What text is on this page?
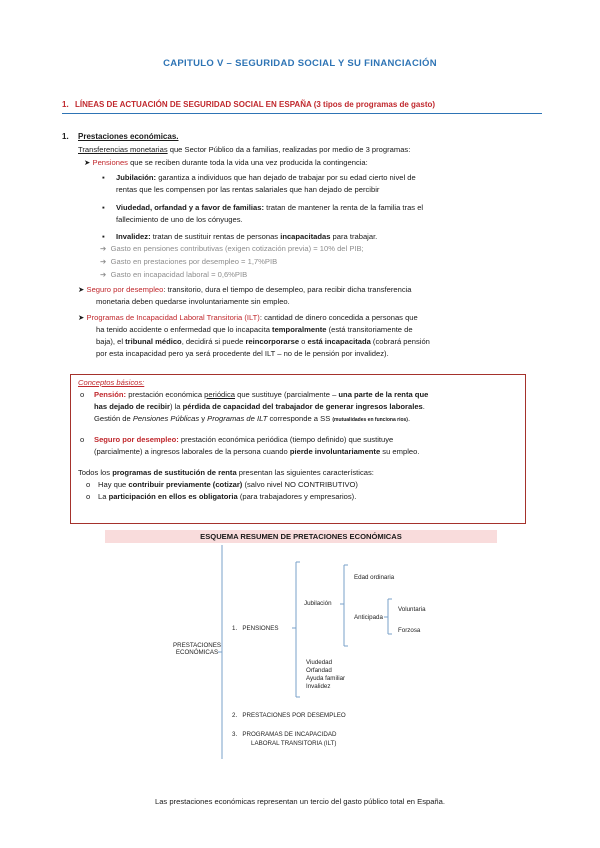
CAPITULO V – SEGURIDAD SOCIAL Y SU FINANCIACIÓN
1. LÍNEAS DE ACTUACIÓN DE SEGURIDAD SOCIAL EN ESPAÑA (3 tipos de programas de gasto)
1. Prestaciones económicas.
Transferencias monetarias que Sector Público da a familias, realizadas por medio de 3 programas:
➤ Pensiones que se reciben durante toda la vida una vez producida la contingencia:
▪ Jubilación: garantiza a individuos que han dejado de trabajar por su edad cierto nivel de
rentas que les compensen por las rentas salariales que han dejado de percibir
▪ Viudedad, orfandad y a favor de familias: tratan de mantener la renta de la familia tras el
fallecimiento de uno de los cónyuges.
▪ Invalidez: tratan de sustituir rentas de personas incapacitadas para trabajar.
➔ Gasto en pensiones contributivas (exigen cotización previa) = 10% del PIB;
➔ Gasto en prestaciones por desempleo = 1,7%PIB
➔ Gasto en incapacidad laboral = 0,6%PIB
➤ Seguro por desempleo: transitorio, dura el tiempo de desempleo, para recibir dicha transferencia
monetaria deben quedarse involuntariamente sin empleo.
➤ Programas de Incapacidad Laboral Transitoria (ILT): cantidad de dinero concedida a personas que
ha tenido accidente o enfermedad que lo incapacita temporalmente (está transitoriamente de
baja), el tribunal médico, decidirá si puede reincorporarse o está incapacitada (cobrará pensión
por esta incapacidad pero ya será procedente del ILT – no de le pensión por invalidez).
Conceptos básicos:
o Pensión: prestación económica periódica que sustituye (parcialmente – una parte de la renta que
has dejado de recibir) la pérdida de capacidad del trabajador de generar ingresos laborales.
Gestión de Pensiones Públicas y Programas de ILT corresponde a SS (mutualidades en funciona rios).
o Seguro por desempleo: prestación económica periódica (tiempo definido) que sustituye
(parcialmente) a ingresos laborales de la persona cuando pierde involuntariamente su empleo.
Todos los programas de sustitución de renta presentan las siguientes características:
o Hay que contribuir previamente (cotizar) (salvo nivel NO CONTRIBUTIVO)
o La participación en ellos es obligatoria (para trabajadores y empresarios).
ESQUEMA RESUMEN DE PRETACIONES ECONÓMICAS
PRESTACIONES
ECONÓMICAS
1. PENSIONES
Jubilación
Edad ordinaria
Anticipada
Voluntaria
Forzosa
Viudedad
Orfandad
Ayuda familiar
Invalidez
2. PRESTACIONES POR DESEMPLEO
3. PROGRAMAS DE INCAPACIDAD
LABORAL TRANSITORIA (ILT)
Las prestaciones económicas representan un tercio del gasto público total en España.
